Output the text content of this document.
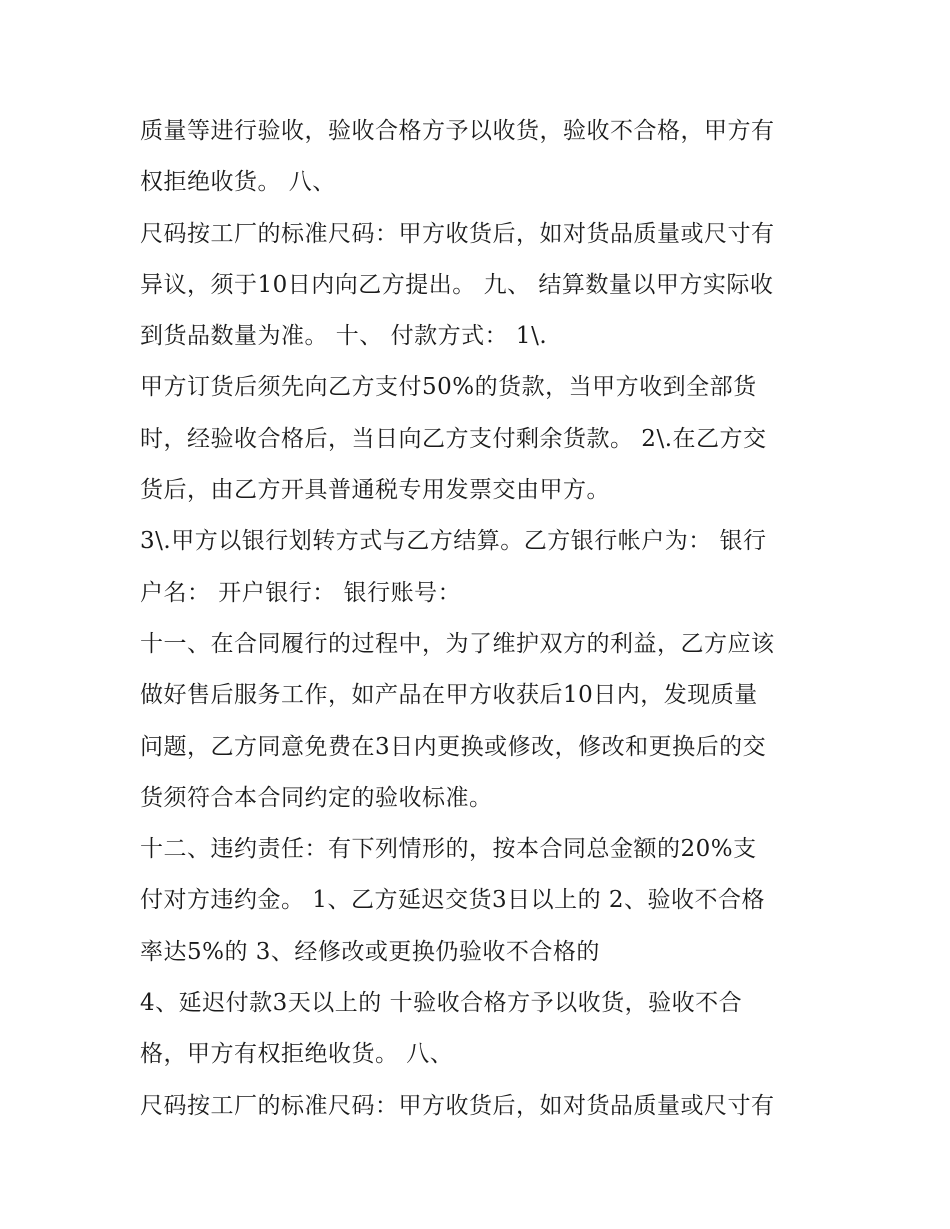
质量等进行验收，验收合格方予以收货，验收不合格，甲方有
权拒绝收货。 八、
尺码按工厂的标准尺码：甲方收货后，如对货品质量或尺寸有
异议，须于10日内向乙方提出。 九、 结算数量以甲方实际收
到货品数量为准。 十、 付款方式： 1\.
甲方订货后须先向乙方支付50%的货款，当甲方收到全部货
时，经验收合格后，当日向乙方支付剩余货款。 2\.在乙方交
货后，由乙方开具普通税专用发票交由甲方。
3\.甲方以银行划转方式与乙方结算。乙方银行帐户为： 银行
户名： 开户银行： 银行账号：
十一、在合同履行的过程中，为了维护双方的利益，乙方应该
做好售后服务工作，如产品在甲方收获后10日内，发现质量
问题，乙方同意免费在3日内更换或修改，修改和更换后的交
货须符合本合同约定的验收标准。
十二、违约责任：有下列情形的，按本合同总金额的20%支
付对方违约金。 1、乙方延迟交货3日以上的 2、验收不合格
率达5%的 3、经修改或更换仍验收不合格的
4、延迟付款3天以上的 十验收合格方予以收货，验收不合
格，甲方有权拒绝收货。 八、
尺码按工厂的标准尺码：甲方收货后，如对货品质量或尺寸有
